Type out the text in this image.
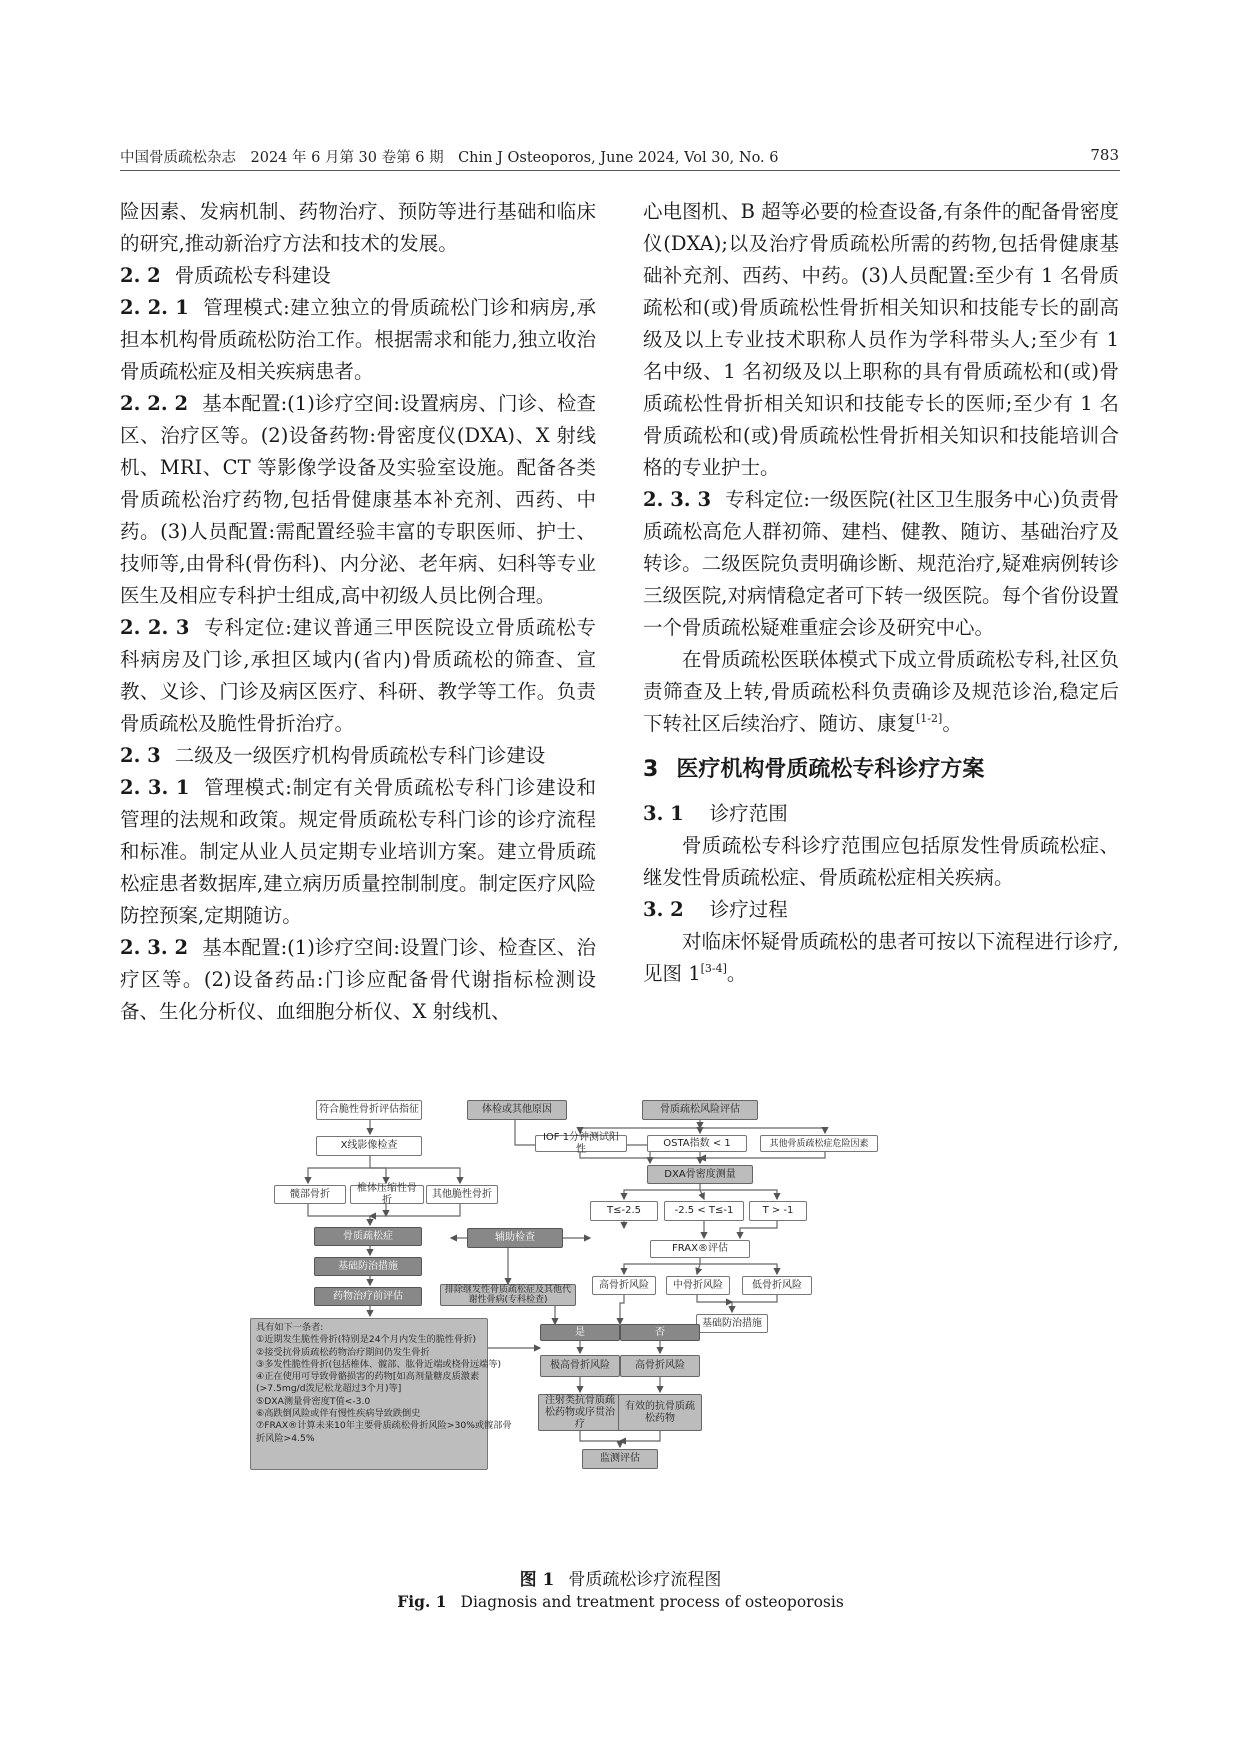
中国骨质疏松杂志　2024 年 6 月第 30 卷第 6 期　Chin J Osteoporos, June 2024, Vol 30, No. 6	783

险因素、发病机制、药物治疗、预防等进行基础和临床的研究,推动新治疗方法和技术的发展。

2. 2 骨质疏松专科建设

2. 2. 1 管理模式:建立独立的骨质疏松门诊和病房,承担本机构骨质疏松防治工作。根据需求和能力,独立收治骨质疏松症及相关疾病患者。

2. 2. 2 基本配置:(1)诊疗空间:设置病房、门诊、检查区、治疗区等。(2)设备药物:骨密度仪(DXA)、X 射线机、MRI、CT 等影像学设备及实验室设施。配备各类骨质疏松治疗药物,包括骨健康基本补充剂、西药、中药。(3)人员配置:需配置经验丰富的专职医师、护士、技师等,由骨科(骨伤科)、内分泌、老年病、妇科等专业医生及相应专科护士组成,高中初级人员比例合理。

2. 2. 3 专科定位:建议普通三甲医院设立骨质疏松专科病房及门诊,承担区域内(省内)骨质疏松的筛查、宣教、义诊、门诊及病区医疗、科研、教学等工作。负责骨质疏松及脆性骨折治疗。

2. 3 二级及一级医疗机构骨质疏松专科门诊建设

2. 3. 1 管理模式:制定有关骨质疏松专科门诊建设和管理的法规和政策。规定骨质疏松专科门诊的诊疗流程和标准。制定从业人员定期专业培训方案。建立骨质疏松症患者数据库,建立病历质量控制制度。制定医疗风险防控预案,定期随访。

2. 3. 2 基本配置:(1)诊疗空间:设置门诊、检查区、治疗区等。(2)设备药品:门诊应配备骨代谢指标检测设备、生化分析仪、血细胞分析仪、X 射线机、

心电图机、B 超等必要的检查设备,有条件的配备骨密度仪(DXA);以及治疗骨质疏松所需的药物,包括骨健康基础补充剂、西药、中药。(3)人员配置:至少有 1 名骨质疏松和(或)骨质疏松性骨折相关知识和技能专长的副高级及以上专业技术职称人员作为学科带头人;至少有 1 名中级、1 名初级及以上职称的具有骨质疏松和(或)骨质疏松性骨折相关知识和技能专长的医师;至少有 1 名骨质疏松和(或)骨质疏松性骨折相关知识和技能培训合格的专业护士。

2. 3. 3 专科定位:一级医院(社区卫生服务中心)负责骨质疏松高危人群初筛、建档、健教、随访、基础治疗及转诊。二级医院负责明确诊断、规范治疗,疑难病例转诊三级医院,对病情稳定者可下转一级医院。每个省份设置一个骨质疏松疑难重症会诊及研究中心。

在骨质疏松医联体模式下成立骨质疏松专科,社区负责筛查及上转,骨质疏松科负责确诊及规范诊治,稳定后下转社区后续治疗、随访、康复[1-2]。

3 医疗机构骨质疏松专科诊疗方案

3. 1 诊疗范围

骨质疏松专科诊疗范围应包括原发性骨质疏松症、继发性骨质疏松症、骨质疏松症相关疾病。

3. 2 诊疗过程

对临床怀疑骨质疏松的患者可按以下流程进行诊疗,见图 1[3-4]。

符合脆性骨折评估指征
X线影像检查
髋部骨折
椎体压缩性骨折
其他脆性骨折
骨质疏松症
基础防治措施
药物治疗前评估
体检或其他原因
辅助检查
排除继发性骨质疏松症及其他代谢性骨病(专科检查)
骨质疏松风险评估
IOF 1分钟测试阳性
OSTA指数 < 1	其他骨质疏松症危险因素
DXA骨密度测量
T≤-2.5	-2.5 < T≤-1	T > -1
FRAX®评估
高骨折风险	中骨折风险	低骨折风险
基础防治措施
是	否
极高骨折风险	高骨折风险
注射类抗骨质疏松药物或序贯治疗
有效的抗骨质疏松药物
监测评估
具有如下一条者:
①近期发生脆性骨折(特别是24个月内发生的脆性骨折)
②接受抗骨质疏松药物治疗期间仍发生骨折
③多发性脆性骨折(包括椎体、髋部、肱骨近端或桡骨远端等)
④正在使用可导致骨骼损害的药物[如高剂量糖皮质激素
(>7.5mg/d泼尼松龙超过3个月)等]
⑤DXA测量骨密度T值<-3.0
⑥高跌倒风险或伴有慢性疾病导致跌倒史
⑦FRAX®计算未来10年主要骨质疏松骨折风险>30%或髋部骨
折风险>4.5%
图 1 骨质疏松诊疗流程图
Fig. 1 Diagnosis and treatment process of osteoporosis
